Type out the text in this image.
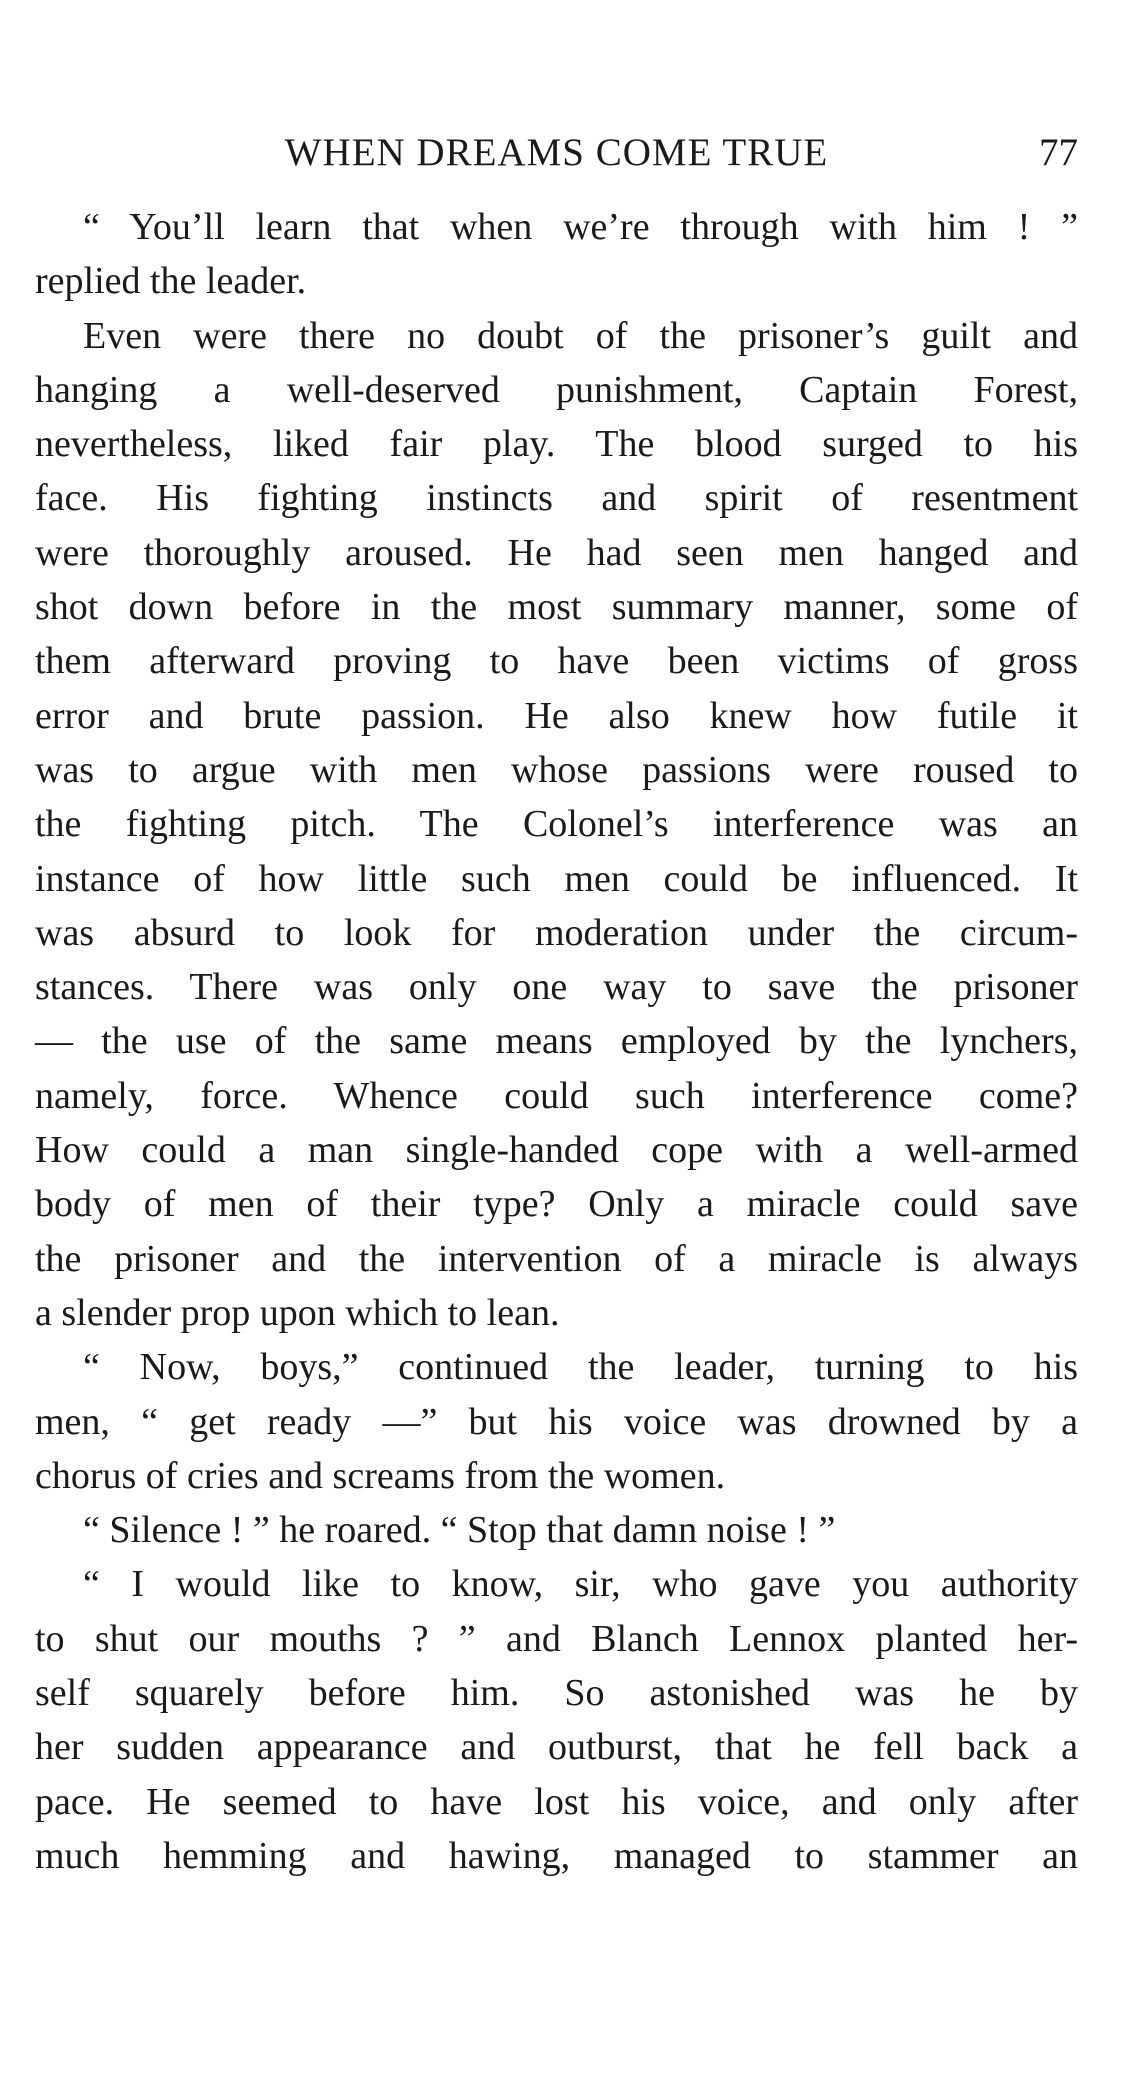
WHEN DREAMS COME TRUE	77
“ You’ll learn that when we’re through with him ! ”
replied the leader.
Even were there no doubt of the prisoner’s guilt and
hanging a well-deserved punishment, Captain Forest,
nevertheless, liked fair play. The blood surged to his
face. His fighting instincts and spirit of resentment
were thoroughly aroused. He had seen men hanged and
shot down before in the most summary manner, some of
them afterward proving to have been victims of gross
error and brute passion. He also knew how futile it
was to argue with men whose passions were roused to
the fighting pitch. The Colonel’s interference was an
instance of how little such men could be influenced. It
was absurd to look for moderation under the circum-
stances. There was only one way to save the prisoner
— the use of the same means employed by the lynchers,
namely, force. Whence could such interference come?
How could a man single-handed cope with a well-armed
body of men of their type? Only a miracle could save
the prisoner and the intervention of a miracle is always
a slender prop upon which to lean.
“ Now, boys,” continued the leader, turning to his
men, “ get ready —” but his voice was drowned by a
chorus of cries and screams from the women.
“ Silence ! ” he roared. “ Stop that damn noise ! ”
“ I would like to know, sir, who gave you authority
to shut our mouths ? ” and Blanch Lennox planted her-
self squarely before him. So astonished was he by
her sudden appearance and outburst, that he fell back a
pace. He seemed to have lost his voice, and only after
much hemming and hawing, managed to stammer an
